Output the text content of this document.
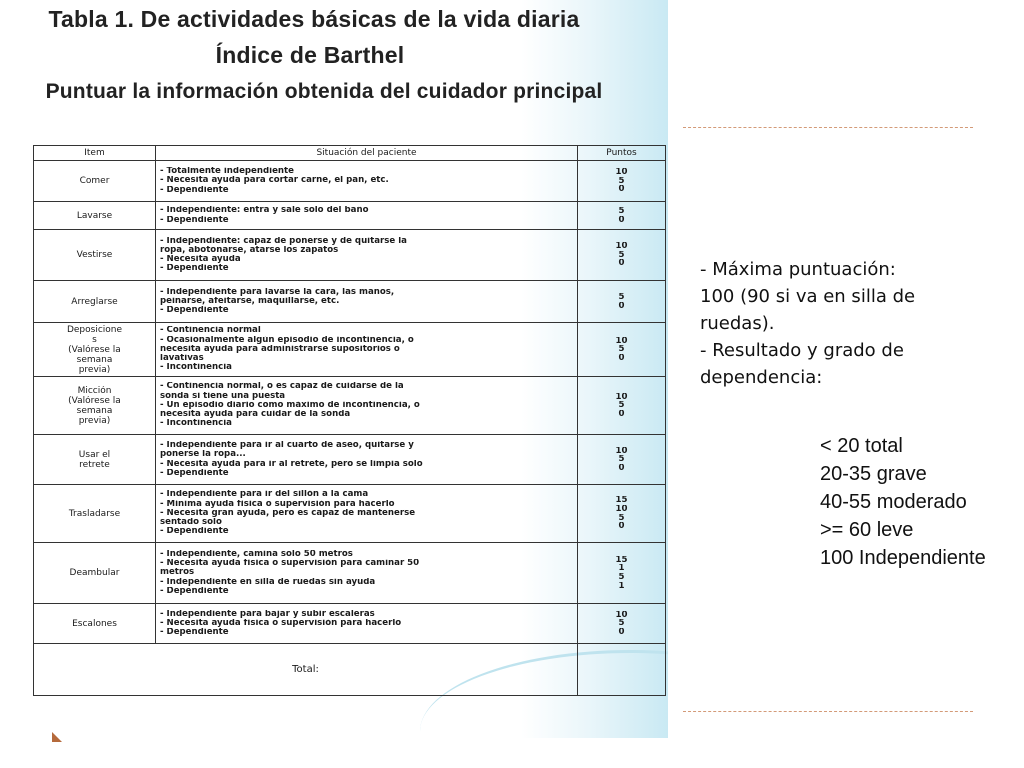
Tabla 1. De actividades básicas de la vida diaria
Índice de Barthel
Puntuar la información obtenida del cuidador principal
Item	Situación del paciente	Puntos

Comer	- Totalmente independiente
- Necesita ayuda para cortar carne, el pan, etc.
- Dependiente	10
5
0

Lavarse	- Independiente: entra y sale solo del baño
- Dependiente	5
0

Vestirse	- Independiente: capaz de ponerse y de quitarse la
ropa, abotonarse, atarse los zapatos
- Necesita ayuda
- Dependiente	10
5
0

Arreglarse	- Independiente para lavarse la cara, las manos,
peinarse, afeitarse, maquillarse, etc.
- Dependiente	5
0

Deposicione
s
(Valórese la
semana
previa)	- Continencia normal
- Ocasionalmente algún episodio de incontinencia, o
necesita ayuda para administrarse supositorios o
lavativas
- Incontinencia	10
5
0

Micción
(Valórese la
semana
previa)	- Continencia normal, o es capaz de cuidarse de la
sonda si tiene una puesta
- Un episodio diario como máximo de incontinencia, o
necesita ayuda para cuidar de la sonda
- Incontinencia	10
5
0

Usar el
retrete	- Independiente para ir al cuarto de aseo, quitarse y
ponerse la ropa...
- Necesita ayuda para ir al retrete, pero se limpia solo
- Dependiente	10
5
0

Trasladarse	- Independiente para ir del sillón a la cama
- Mínima ayuda física o supervisión para hacerlo
- Necesita gran ayuda, pero es capaz de mantenerse
sentado solo
- Dependiente	15
10
5
0

Deambular	- Independiente, camina solo 50 metros
- Necesita ayuda física o supervisión para caminar 50
metros
- Independiente en silla de ruedas sin ayuda
- Dependiente	15
1
5
1

Escalones	- Independiente para bajar y subir escaleras
- Necesita ayuda física o supervisión para hacerlo
- Dependiente	10
5
0

Total:		
- Máxima puntuación:
100 (90 si va en silla de
ruedas).
- Resultado y grado de
dependencia:
< 20 total
20-35 grave
40-55 moderado
>= 60 leve
100 Independiente
